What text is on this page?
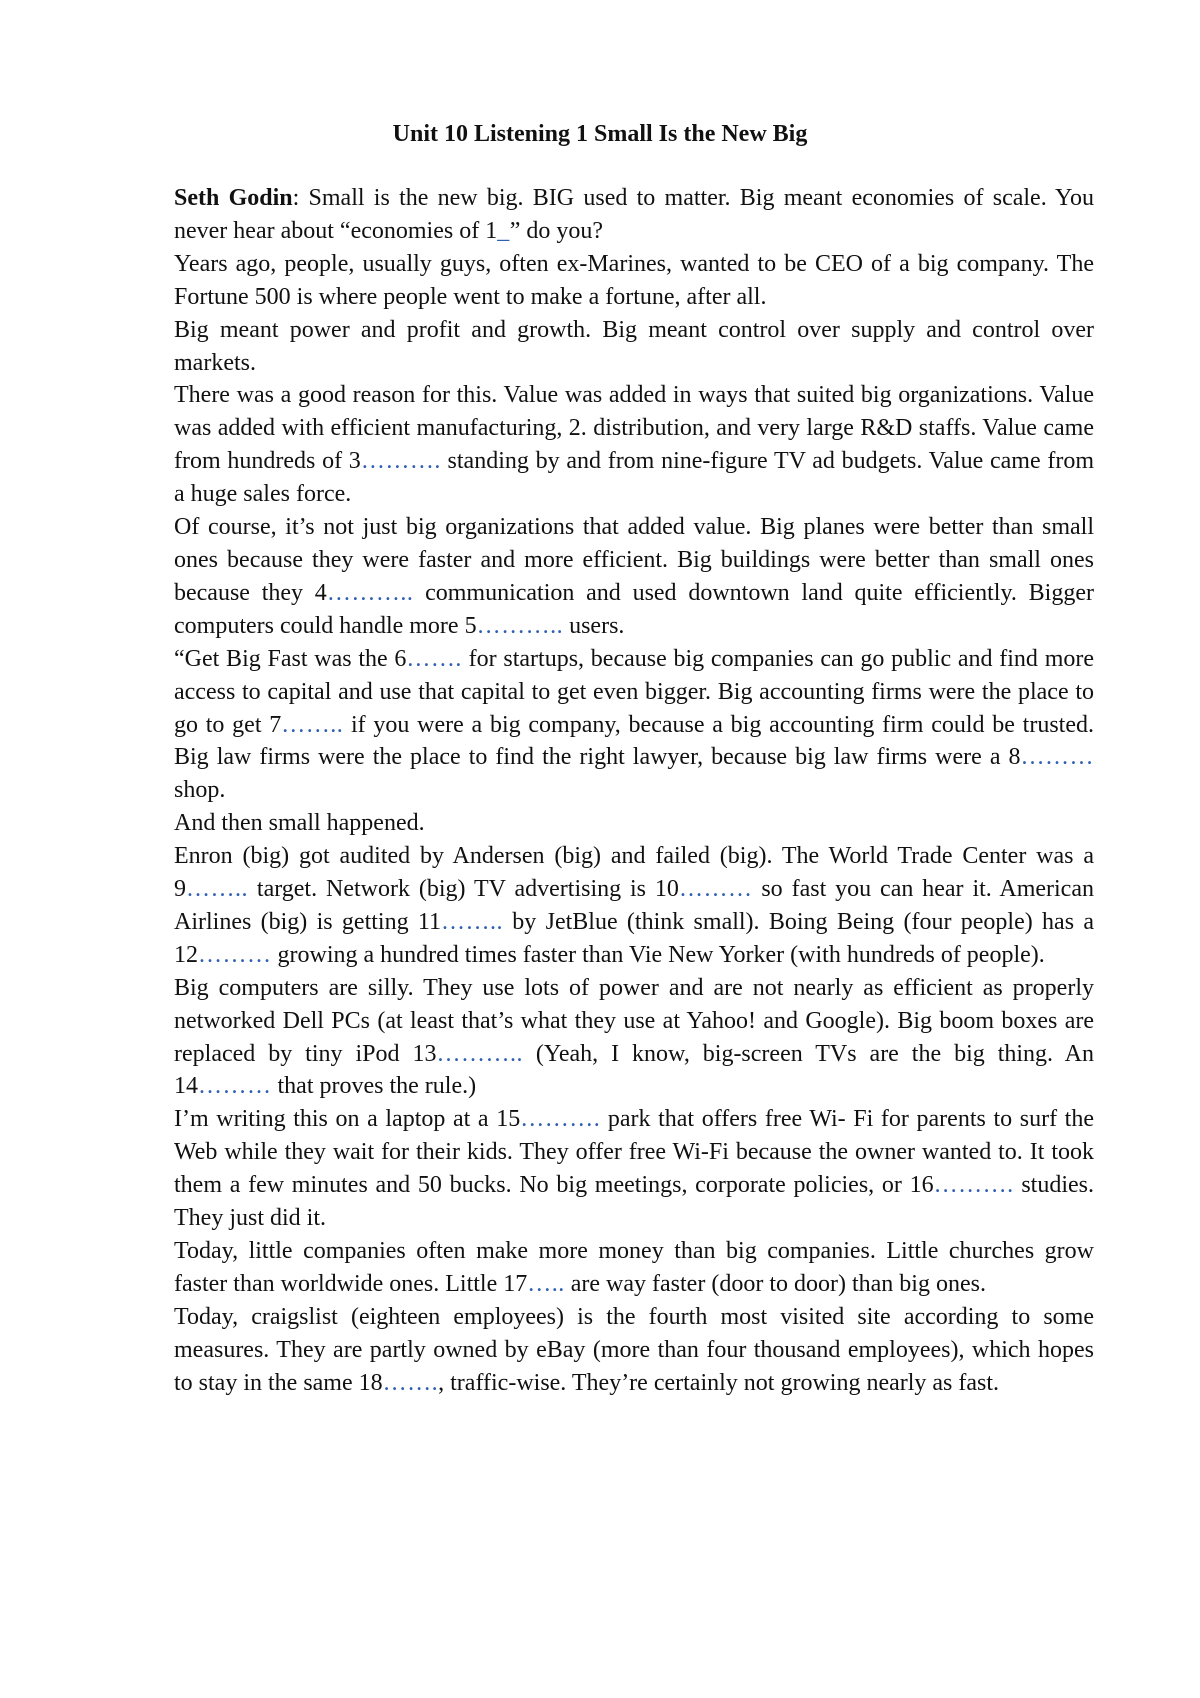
Unit 10 Listening 1 Small Is the New Big

Seth Godin: Small is the new big. BIG used to matter. Big meant economies of scale. You never hear about “economies of 1_” do you?

Years ago, people, usually guys, often ex-Marines, wanted to be CEO of a big company. The Fortune 500 is where people went to make a fortune, after all.

Big meant power and profit and growth. Big meant control over supply and control over markets.

There was a good reason for this. Value was added in ways that suited big organizations. Value was added with efficient manufacturing, 2. distribution, and very large R&D staffs. Value came from hundreds of 3………. standing by and from nine-figure TV ad budgets. Value came from a huge sales force.

Of course, it’s not just big organizations that added value. Big planes were better than small ones because they were faster and more efficient. Big buildings were better than small ones because they 4……….. communication and used downtown land quite efficiently. Bigger computers could handle more 5……….. users.

“Get Big Fast was the 6……. for startups, because big companies can go public and find more access to capital and use that capital to get even bigger. Big accounting firms were the place to go to get 7…….. if you were a big company, because a big accounting firm could be trusted. Big law firms were the place to find the right lawyer, because big law firms were a 8……… shop.

And then small happened.

Enron (big) got audited by Andersen (big) and failed (big). The World Trade Center was a 9…….. target. Network (big) TV advertising is 10……… so fast you can hear it. American Airlines (big) is getting 11…….. by JetBlue (think small). Boing Being (four people) has a 12……… growing a hundred times faster than Vie New Yorker (with hundreds of people).

Big computers are silly. They use lots of power and are not nearly as efficient as properly networked Dell PCs (at least that’s what they use at Yahoo! and Google). Big boom boxes are replaced by tiny iPod 13……….. (Yeah, I know, big-screen TVs are the big thing. An 14……… that proves the rule.)

I’m writing this on a laptop at a 15………. park that offers free Wi- Fi for parents to surf the Web while they wait for their kids. They offer free Wi-Fi because the owner wanted to. It took them a few minutes and 50 bucks. No big meetings, corporate policies, or 16………. studies. They just did it.

Today, little companies often make more money than big companies. Little churches grow faster than worldwide ones. Little 17….. are way faster (door to door) than big ones.

Today, craigslist (eighteen employees) is the fourth most visited site according to some measures. They are partly owned by eBay (more than four thousand employees), which hopes to stay in the same 18……., traffic-wise. They’re certainly not growing nearly as fast.
